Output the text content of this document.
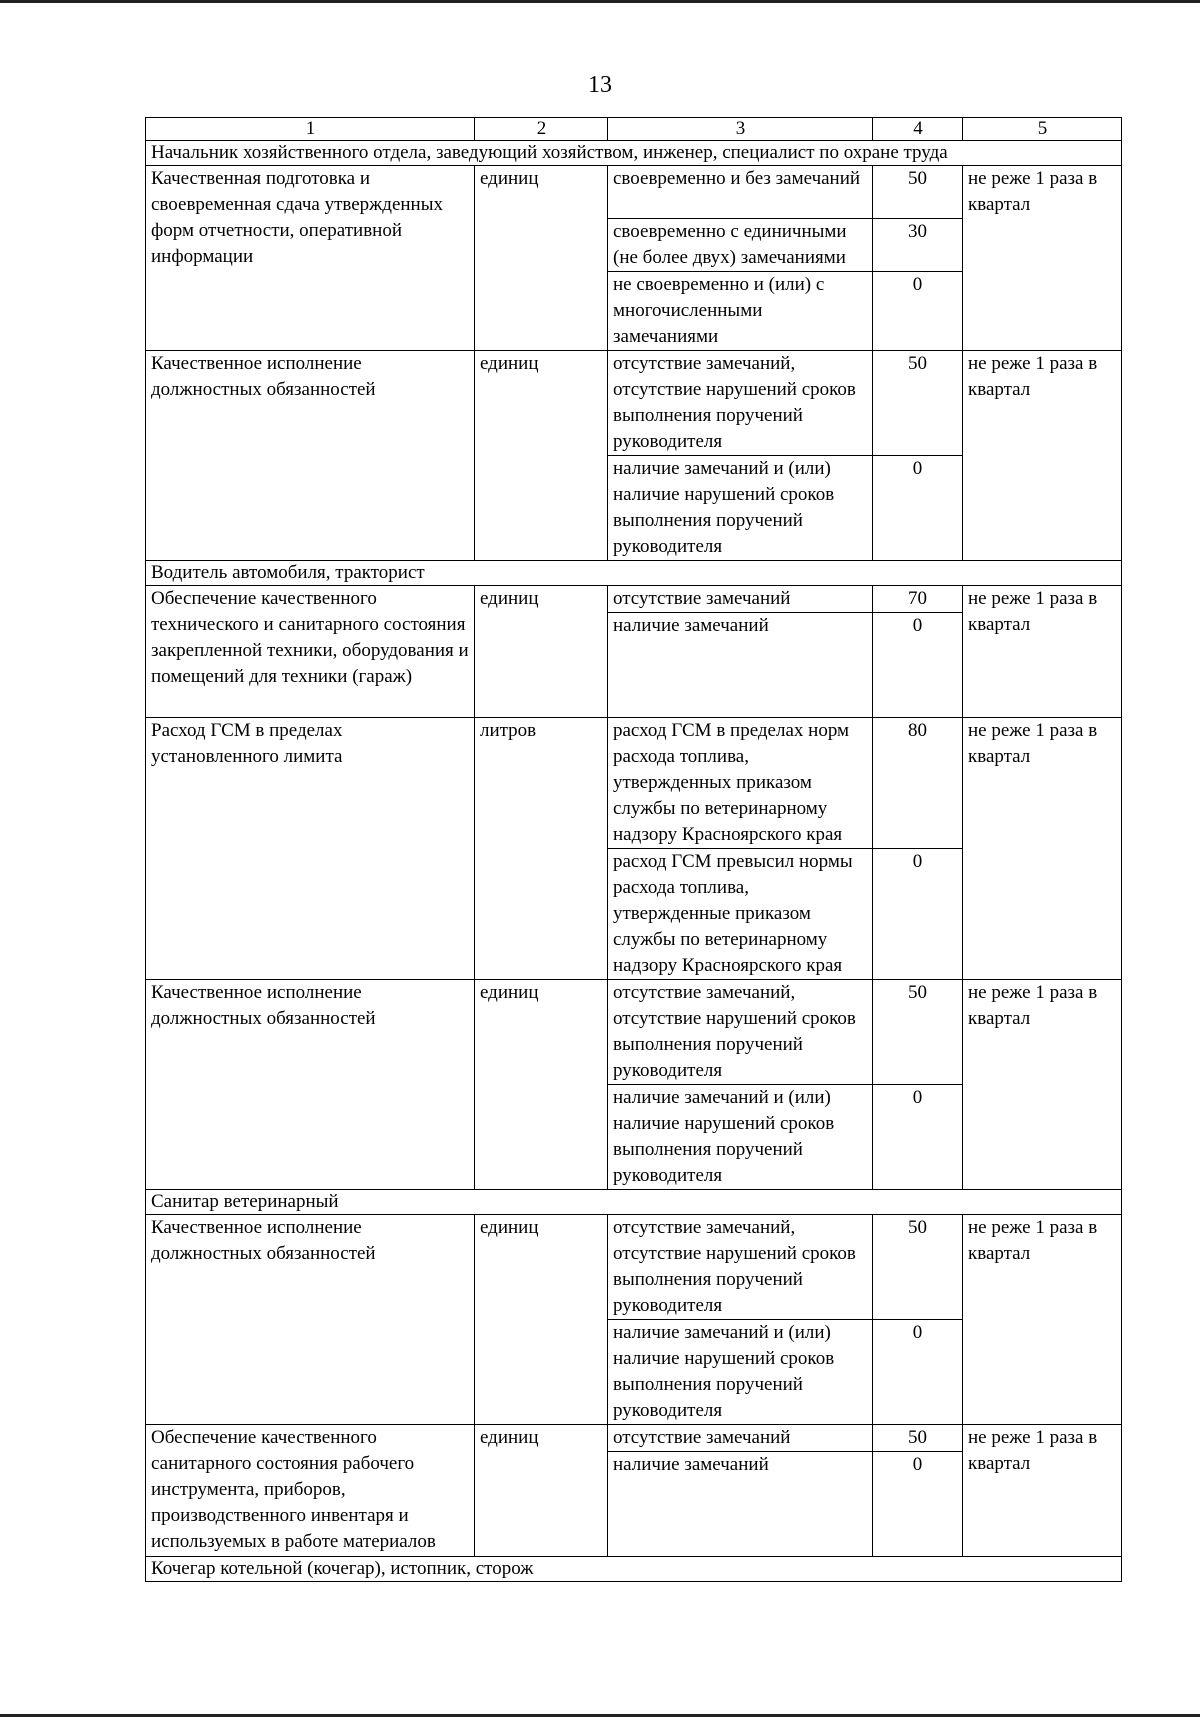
13
1	2	3	4	5
Начальник хозяйственного отдела, заведующий хозяйством, инженер, специалист по охране труда				
Качественная подготовка и своевременная сдача утвержденных форм отчетности, оперативной информации	единиц	своевременно и без замечаний	50	не реже 1 раза в квартал
		своевременно с единичными (не более двух) замечаниями	30	
		не своевременно и (или) с многочисленными замечаниями	0	
Качественное исполнение должностных обязанностей	единиц	отсутствие замечаний, отсутствие нарушений сроков выполнения поручений руководителя	50	не реже 1 раза в квартал
		наличие замечаний и (или) наличие нарушений сроков выполнения поручений руководителя	0	
Водитель автомобиля, тракторист				
Обеспечение качественного технического и санитарного состояния закрепленной техники, оборудования и помещений для техники (гараж)	единиц	отсутствие замечаний	70	не реже 1 раза в квартал
		наличие замечаний	0	
Расход ГСМ в пределах установленного лимита	литров	расход ГСМ в пределах норм расхода топлива, утвержденных приказом службы по ветеринарному надзору Красноярского края	80	не реже 1 раза в квартал
		расход ГСМ превысил нормы расхода топлива, утвержденные приказом службы по ветеринарному надзору Красноярского края	0	
Качественное исполнение должностных обязанностей	единиц	отсутствие замечаний, отсутствие нарушений сроков выполнения поручений руководителя	50	не реже 1 раза в квартал
		наличие замечаний и (или) наличие нарушений сроков выполнения поручений руководителя	0	
Санитар ветеринарный				
Качественное исполнение должностных обязанностей	единиц	отсутствие замечаний, отсутствие нарушений сроков выполнения поручений руководителя	50	не реже 1 раза в квартал
		наличие замечаний и (или) наличие нарушений сроков выполнения поручений руководителя	0	
Обеспечение качественного санитарного состояния рабочего инструмента, приборов, производственного инвентаря и используемых в работе материалов	единиц	отсутствие замечаний	50	не реже 1 раза в квартал
		наличие замечаний	0	
Кочегар котельной (кочегар), истопник, сторож				
